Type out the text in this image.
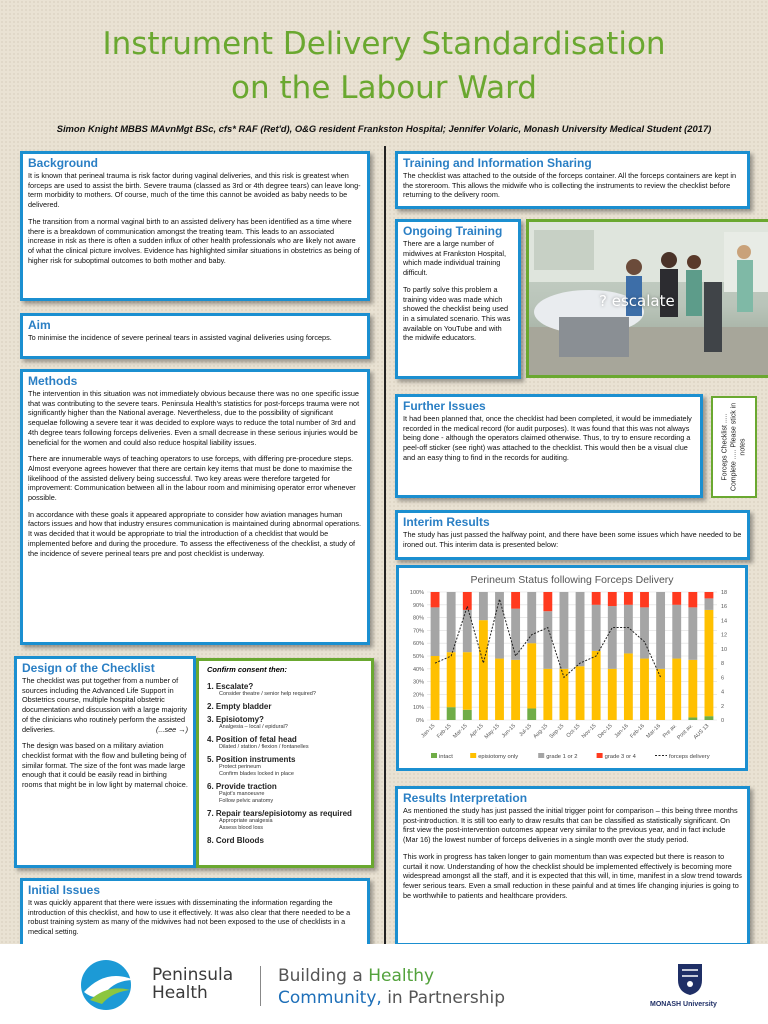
Instrument Delivery Standardisation
on the Labour Ward
Simon Knight MBBS MAvnMgt BSc, cfs* RAF (Ret'd), O&G resident Frankston Hospital; Jennifer Volaric, Monash University Medical Student (2017)
Background

It is known that perineal trauma is risk factor during vaginal deliveries, and this risk is greatest when forceps are used to assist the birth. Severe trauma (classed as 3rd or 4th degree tears) can leave long-term morbidity to mothers. Of course, much of the time this cannot be avoided as baby needs to be delivered.

The transition from a normal vaginal birth to an assisted delivery has been identified as a time where there is a breakdown of communication amongst the treating team. This leads to an associated increase in risk as there is often a sudden influx of other health professionals who are likely not aware of what the clinical picture involves. Evidence has highlighted similar situations in obstetrics as being of higher risk for suboptimal outcomes to both mother and baby.

Aim

To minimise the incidence of severe perineal tears in assisted vaginal deliveries using forceps.

Methods

The intervention in this situation was not immediately obvious because there was no one specific issue that was contributing to the severe tears. Peninsula Health's statistics for post-forceps trauma were not significantly higher than the National average. Nevertheless, due to the possibility of significant sequelae following a severe tear it was decided to explore ways to reduce the total number of 3rd and 4th degree tears following forceps deliveries. Even a small decrease in these serious injuries would be beneficial for the women and could also reduce hospital liability issues.

There are innumerable ways of teaching operators to use forceps, with differing pre-procedure steps. Almost everyone agrees however that there are certain key items that must be done to maximise the likelihood of the assisted delivery being successful. Two key areas were therefore targeted for improvement: Communication between all in the labour room and minimising operator error whenever possible.

In accordance with these goals it appeared appropriate to consider how aviation manages human factors issues and how that industry ensures communication is maintained during abnormal operations. It was decided that it would be appropriate to trial the introduction of a checklist that would be implemented before and during the procedure. To assess the effectiveness of the checklist, a study of the incidence of severe perineal tears pre and post checklist is underway.

Design of the Checklist

The checklist was put together from a number of sources including the Advanced Life Support in Obstetrics course, multiple hospital obstetric documentation and discussion with a large majority of the clinicians who routinely perform the assisted deliveries.	(...see →)

The design was based on a military aviation checklist format with the flow and bulleting being of similar format. The size of the font was made large enough that it could be easily read in birthing rooms that might be in low light by maternal choice.

Confirm consent then:
1. Escalate?
Consider theatre / senior help required?
2. Empty bladder
3. Episiotomy?
Analgesia – local / epidural?
4. Position of fetal head
Dilated / station / flexion / fontanelles
5. Position instruments
Protect perineum
Confirm blades locked in place
6. Provide traction
Pajot's manoeuvre
Follow pelvic anatomy
7. Repair tears/episiotomy as required
Appropriate analgesia
Assess blood loss
8. Cord Bloods
Initial Issues

It was quickly apparent that there were issues with disseminating the information regarding the introduction of this checklist, and how to use it effectively. It was also clear that there needed to be a robust training system as many of the midwives had not been exposed to the use of checklists in a medical setting.

Training and Information Sharing

The checklist was attached to the outside of the forceps container. All the forceps containers are kept in the storeroom. This allows the midwife who is collecting the instruments to review the checklist before returning to the delivery room.

Ongoing Training

There are a large number of midwives at Frankston Hospital, which made individual training difficult.

To partly solve this problem a training video was made which showed the checklist being used in a simulated scenario. This was available on YouTube and with the midwife educators.

? escalate
Further Issues

It had been planned that, once the checklist had been completed, it would be immediately recorded in the medical record (for audit purposes). It was found that this was not always being done - although the operators claimed otherwise. Thus, to try to ensure recording a peel-off sticker (see right) was attached to the checklist. This would then be a visual clue and an easy thing to find in the records for auditing.	Forceps Checklist ..... Complete ..... Please stick in notes
Interim Results

The study has just passed the halfway point, and there have been some issues which have needed to be ironed out. This interim data is presented below:

Perineum Status following Forceps Delivery
0%
10%
20%
30%
40%
50%
60%
70%
80%
90%
100%
0
2
4
6
8
10
12
14
16
18
Jan-15 Feb-15 Mar-15 Apr-15
May-15 Jun-15 Jul-15 Aug-15 Sep-15 Oct-15 Nov-15 Dec-15 Jan-16 Feb-16 Mar-16 Pre av.
Post av.
AUS 13
intact	episiotomy only	grade 1 or 2	grade 3 or 4	forceps delivery
Results Interpretation

As mentioned the study has just passed the initial trigger point for comparison – this being three months post-introduction. It is still too early to draw results that can be classified as statistically significant. On first view the post-intervention outcomes appear very similar to the previous year, and in fact include (Mar 16) the lowest number of forceps deliveries in a single month over the study period.

This work in progress has taken longer to gain momentum than was expected but there is reason to curtail it now. Understanding of how the checklist should be implemented effectively is becoming more widespread amongst all the staff, and it is expected that this will, in time, manifest in a slow trend towards fewer serious tears. Even a small reduction in these painful and at times life changing injuries is going to be worthwhile to patients and healthcare providers.

Peninsula
Health
Building a Healthy
Community, in Partnership	MONASH University
